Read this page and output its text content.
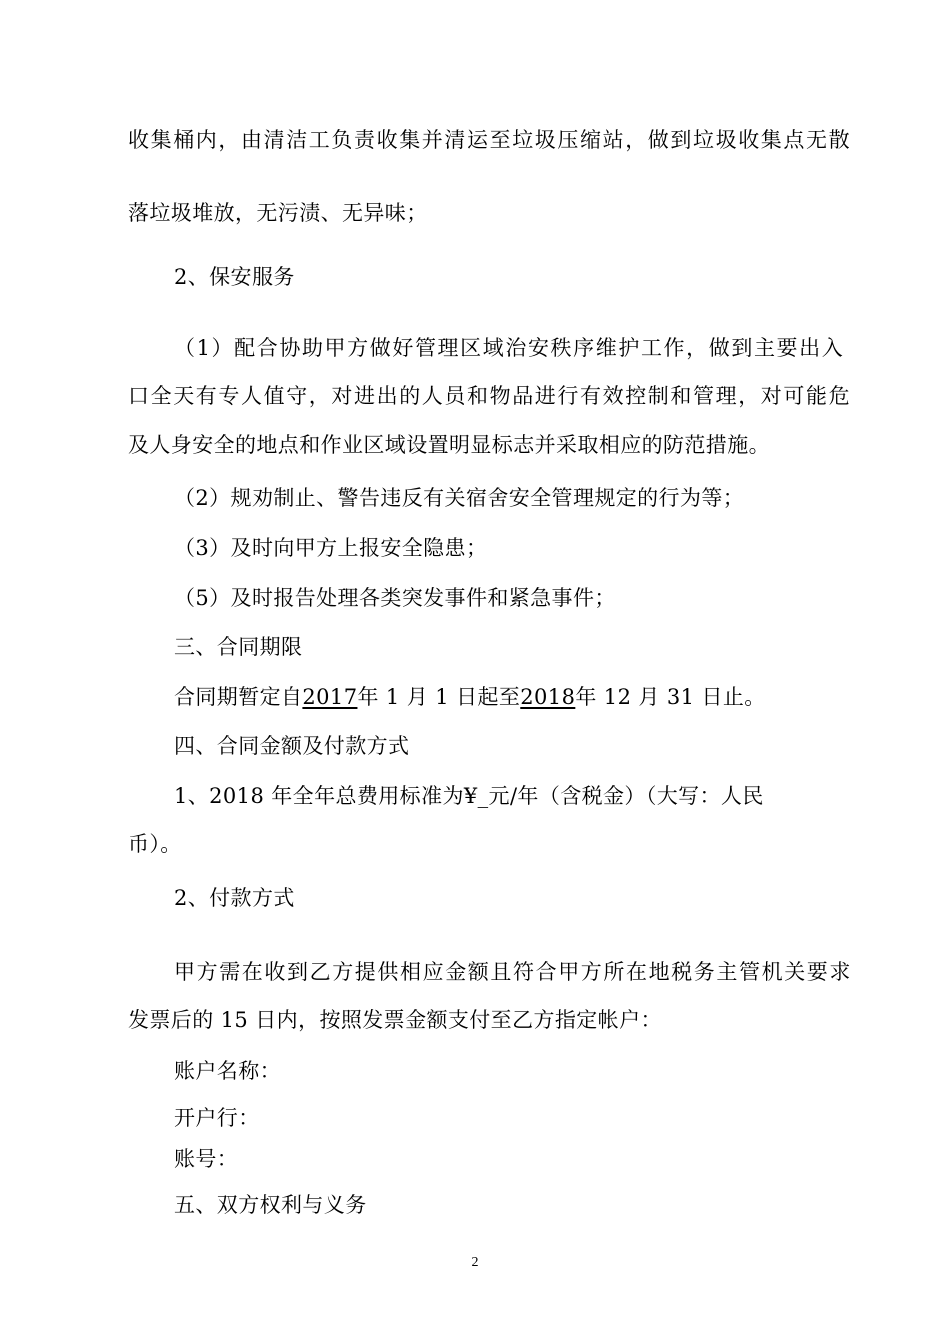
收集桶内，由清洁工负责收集并清运至垃圾压缩站，做到垃圾收集点无散

落垃圾堆放，无污渍、无异味；

2、保安服务

（1）配合协助甲方做好管理区域治安秩序维护工作，做到主要出入

口全天有专人值守，对进出的人员和物品进行有效控制和管理，对可能危

及人身安全的地点和作业区域设置明显标志并采取相应的防范措施。

（2）规劝制止、警告违反有关宿舍安全管理规定的行为等；

（3）及时向甲方上报安全隐患；

（5）及时报告处理各类突发事件和紧急事件；

三、合同期限

合同期暂定自2017年 1 月 1 日起至2018年 12 月 31 日止。

四、合同金额及付款方式

1、2018 年全年总费用标准为¥_元/年（含税金）（大写：人民

币）。

2、付款方式

甲方需在收到乙方提供相应金额且符合甲方所在地税务主管机关要求

发票后的 15 日内，按照发票金额支付至乙方指定帐户：

账户名称：

开户行：

账号：

五、双方权利与义务

2
